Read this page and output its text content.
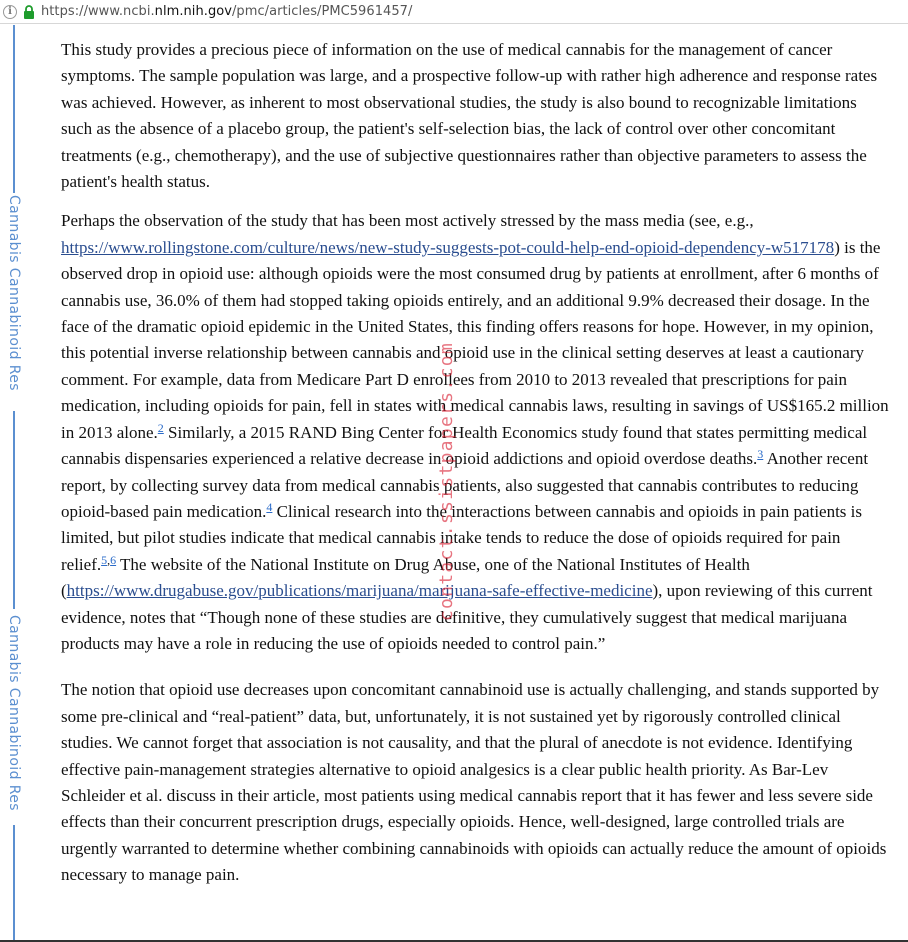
i	https://www.ncbi.nlm.nih.gov/pmc/articles/PMC5961457/
Cannabis Cannabinoid Res
Cannabis Cannabinoid Res

This study provides a precious piece of information on the use of medical cannabis for the management of cancer symptoms. The sample population was large, and a prospective follow-up with rather high adherence and response rates was achieved. However, as inherent to most observational studies, the study is also bound to recognizable limitations such as the absence of a placebo group, the patient's self-selection bias, the lack of control over other concomitant treatments (e.g., chemotherapy), and the use of subjective questionnaires rather than objective parameters to assess the patient's health status.

Perhaps the observation of the study that has been most actively stressed by the mass media (see, e.g., https://www.rollingstone.com/culture/news/new-study-suggests-pot-could-help-end-opioid-dependency-w517178) is the observed drop in opioid use: although opioids were the most consumed drug by patients at enrollment, after 6 months of cannabis use, 36.0% of them had stopped taking opioids entirely, and an additional 9.9% decreased their dosage. In the face of the dramatic opioid epidemic in the United States, this finding offers reasons for hope. However, in my opinion, this potential inverse relationship between cannabis and opioid use in the clinical setting deserves at least a cautionary comment. For example, data from Medicare Part D enrollees from 2010 to 2013 revealed that prescriptions for pain medication, including opioids for pain, fell in states with medical cannabis laws, resulting in savings of US$165.2 million in 2013 alone.$^2$ Similarly, a 2015 RAND Bing Center for Health Economics study found that states permitting medical cannabis dispensaries experienced a relative decrease in opioid addictions and opioid overdose deaths.$^3$ Another recent report, by collecting survey data from medical cannabis patients, also suggested that cannabis contributes to reducing opioid-based pain medication.$^4$ Clinical research into the interactions between cannabis and opioids in pain patients is limited, but pilot studies indicate that medical cannabis intake tends to reduce the dose of opioids required for pain relief.$^{5,6}$ The website of the National Institute on Drug Abuse, one of the National Institutes of Health (https://www.drugabuse.gov/publications/marijuana/marijuana-safe-effective-medicine), upon reviewing of this current evidence, notes that “Though none of these studies are definitive, they cumulatively suggest that medical marijuana products may have a role in reducing the use of opioids needed to control pain.”

The notion that opioid use decreases upon concomitant cannabinoid use is actually challenging, and stands supported by some pre-clinical and “real-patient” data, but, unfortunately, it is not sustained yet by rigorously controlled clinical studies. We cannot forget that association is not causality, and that the plural of anecdote is not evidence. Identifying effective pain-management strategies alternative to opioid analgesics is a clear public health priority. As Bar-Lev Schleider et al. discuss in their article, most patients using medical cannabis report that it has fewer and less severe side effects than their concurrent prescription drugs, especially opioids. Hence, well-designed, large controlled trials are urgently warranted to determine whether combining cannabinoids with opioids can actually reduce the amount of opioids necessary to manage pain.

contact.ssistpapers.com
